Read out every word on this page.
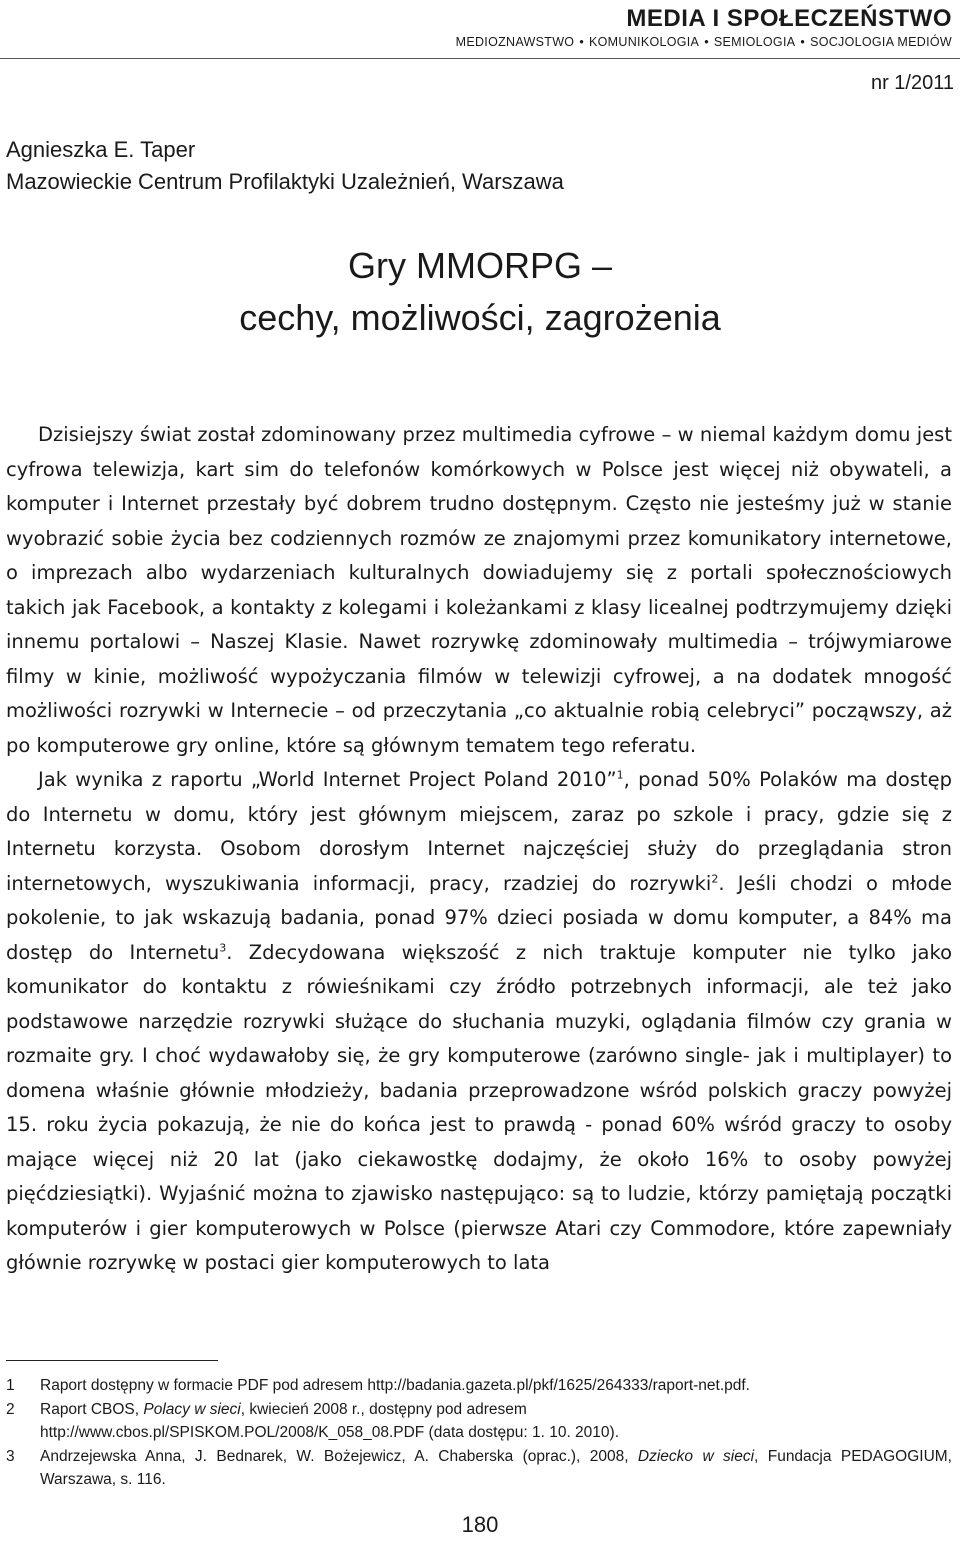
MEDIA I SPOŁECZEŃSTWO
MEDIOZNAWSTWO • KOMUNIKOLOGIA • SEMIOLOGIA • SOCJOLOGIA MEDIÓW
nr 1/2011
Agnieszka E. Taper
Mazowieckie Centrum Profilaktyki Uzależnień, Warszawa
Gry MMORPG –
cechy, możliwości, zagrożenia

Dzisiejszy świat został zdominowany przez multimedia cyfrowe – w niemal każdym domu jest cyfrowa telewizja, kart sim do telefonów komórkowych w Polsce jest więcej niż obywateli, a komputer i Internet przestały być dobrem trudno dostępnym. Często nie jesteśmy już w stanie wyobrazić sobie życia bez codziennych rozmów ze znajomymi przez komunikatory internetowe, o imprezach albo wydarzeniach kulturalnych dowiadujemy się z portali społecznościowych takich jak Facebook, a kontakty z kolegami i koleżankami z klasy licealnej podtrzymujemy dzięki innemu portalowi – Naszej Klasie. Nawet rozrywkę zdominowały multimedia – trójwymiarowe filmy w kinie, możliwość wypożyczania filmów w telewizji cyfrowej, a na dodatek mnogość możliwości rozrywki w Internecie – od przeczytania „co aktualnie robią celebryci” począwszy, aż po komputerowe gry online, które są głównym tematem tego referatu.

Jak wynika z raportu „World Internet Project Poland 2010”$^1$, ponad 50% Polaków ma dostęp do Internetu w domu, który jest głównym miejscem, zaraz po szkole i pracy, gdzie się z Internetu korzysta. Osobom dorosłym Internet najczęściej służy do przeglądania stron internetowych, wyszukiwania informacji, pracy, rzadziej do rozrywki$^2$. Jeśli chodzi o młode pokolenie, to jak wskazują badania, ponad 97% dzieci posiada w domu komputer, a 84% ma dostęp do Internetu$^3$. Zdecydowana większość z nich traktuje komputer nie tylko jako komunikator do kontaktu z rówieśnikami czy źródło potrzebnych informacji, ale też jako podstawowe narzędzie rozrywki służące do słuchania muzyki, oglądania filmów czy grania w rozmaite gry. I choć wydawałoby się, że gry komputerowe (zarówno single- jak i multiplayer) to domena właśnie głównie młodzieży, badania przeprowadzone wśród polskich graczy powyżej 15. roku życia pokazują, że nie do końca jest to prawdą - ponad 60% wśród graczy to osoby mające więcej niż 20 lat (jako ciekawostkę dodajmy, że około 16% to osoby powyżej pięćdziesiątki). Wyjaśnić można to zjawisko następująco: są to ludzie, którzy pamiętają początki komputerów i gier komputerowych w Polsce (pierwsze Atari czy Commodore, które zapewniały głównie rozrywkę w postaci gier komputerowych to lata

1	Raport dostępny w formacie PDF pod adresem http://badania.gazeta.pl/pkf/1625/264333/raport-net.pdf.
2	Raport CBOS, Polacy w sieci, kwiecień 2008 r., dostępny pod adresem
http://www.cbos.pl/SPISKOM.POL/2008/K_058_08.PDF (data dostępu: 1. 10. 2010).
3	Andrzejewska Anna, J. Bednarek, W. Bożejewicz, A. Chaberska (oprac.), 2008, Dziecko w sieci, Fundacja PEDAGOGIUM, Warszawa, s. 116.
180
